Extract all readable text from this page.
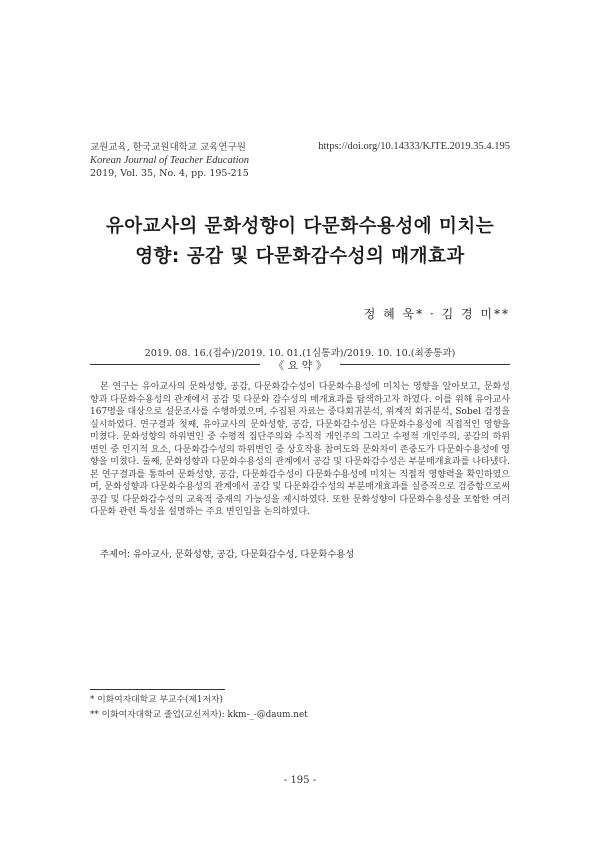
교원교육, 한국교원대학교 교육연구원
Korean Journal of Teacher Education
2019, Vol. 35, No. 4, pp. 195-215
https://doi.org/10.14333/KJTE.2019.35.4.195
유아교사의 문화성향이 다문화수용성에 미치는
영향: 공감 및 다문화감수성의 매개효과
정 혜 욱* · 김 경 미**
2019. 08. 16.(접수)/2019. 10. 01.(1심통과)/2019. 10. 10.(최종통과)
《 요 약 》
본 연구는 유아교사의 문화성향, 공감, 다문화감수성이 다문화수용성에 미치는 영향을 알아보고, 문화성향과 다문화수용성의 관계에서 공감 및 다문화 감수성의 매개효과를 탐색하고자 하였다. 이를 위해 유아교사 167명을 대상으로 설문조사를 수행하였으며, 수집된 자료는 중다회귀분석, 위계적 회귀분석, Sobel 검정을 실시하였다. 연구결과 첫째, 유아교사의 문화성향, 공감, 다문화감수성은 다문화수용성에 직접적인 영향을 미쳤다. 문화성향의 하위변인 중 수평적 집단주의와 수직적 개인주의 그리고 수평적 개인주의, 공감의 하위변인 중 인지적 요소, 다문화감수성의 하위변인 중 상호작용 참여도와 문화차이 존중도가 다문화수용성에 영향을 미쳤다. 둘째, 문화성향과 다문화수용성의 관계에서 공감 및 다문화감수성은 부분매개효과를 나타냈다. 본 연구결과를 통하여 문화성향, 공감, 다문화감수성이 다문화수용성에 미치는 직접적 영향력을 확인하였으며, 문화성향과 다문화수용성의 관계에서 공감 및 다문화감수성의 부분매개효과를 실증적으로 검증함으로써 공감 및 다문화감수성의 교육적 중재의 가능성을 제시하였다. 또한 문화성향이 다문화수용성을 포함한 여러 다문화 관련 특성을 설명하는 주요 변인임을 논의하였다.
주제어: 유아교사, 문화성향, 공감, 다문화감수성, 다문화수용성
* 이화여자대학교 부교수(제1저자)
** 이화여자대학교 졸업(교신저자): kkm-_-@daum.net
- 195 -
